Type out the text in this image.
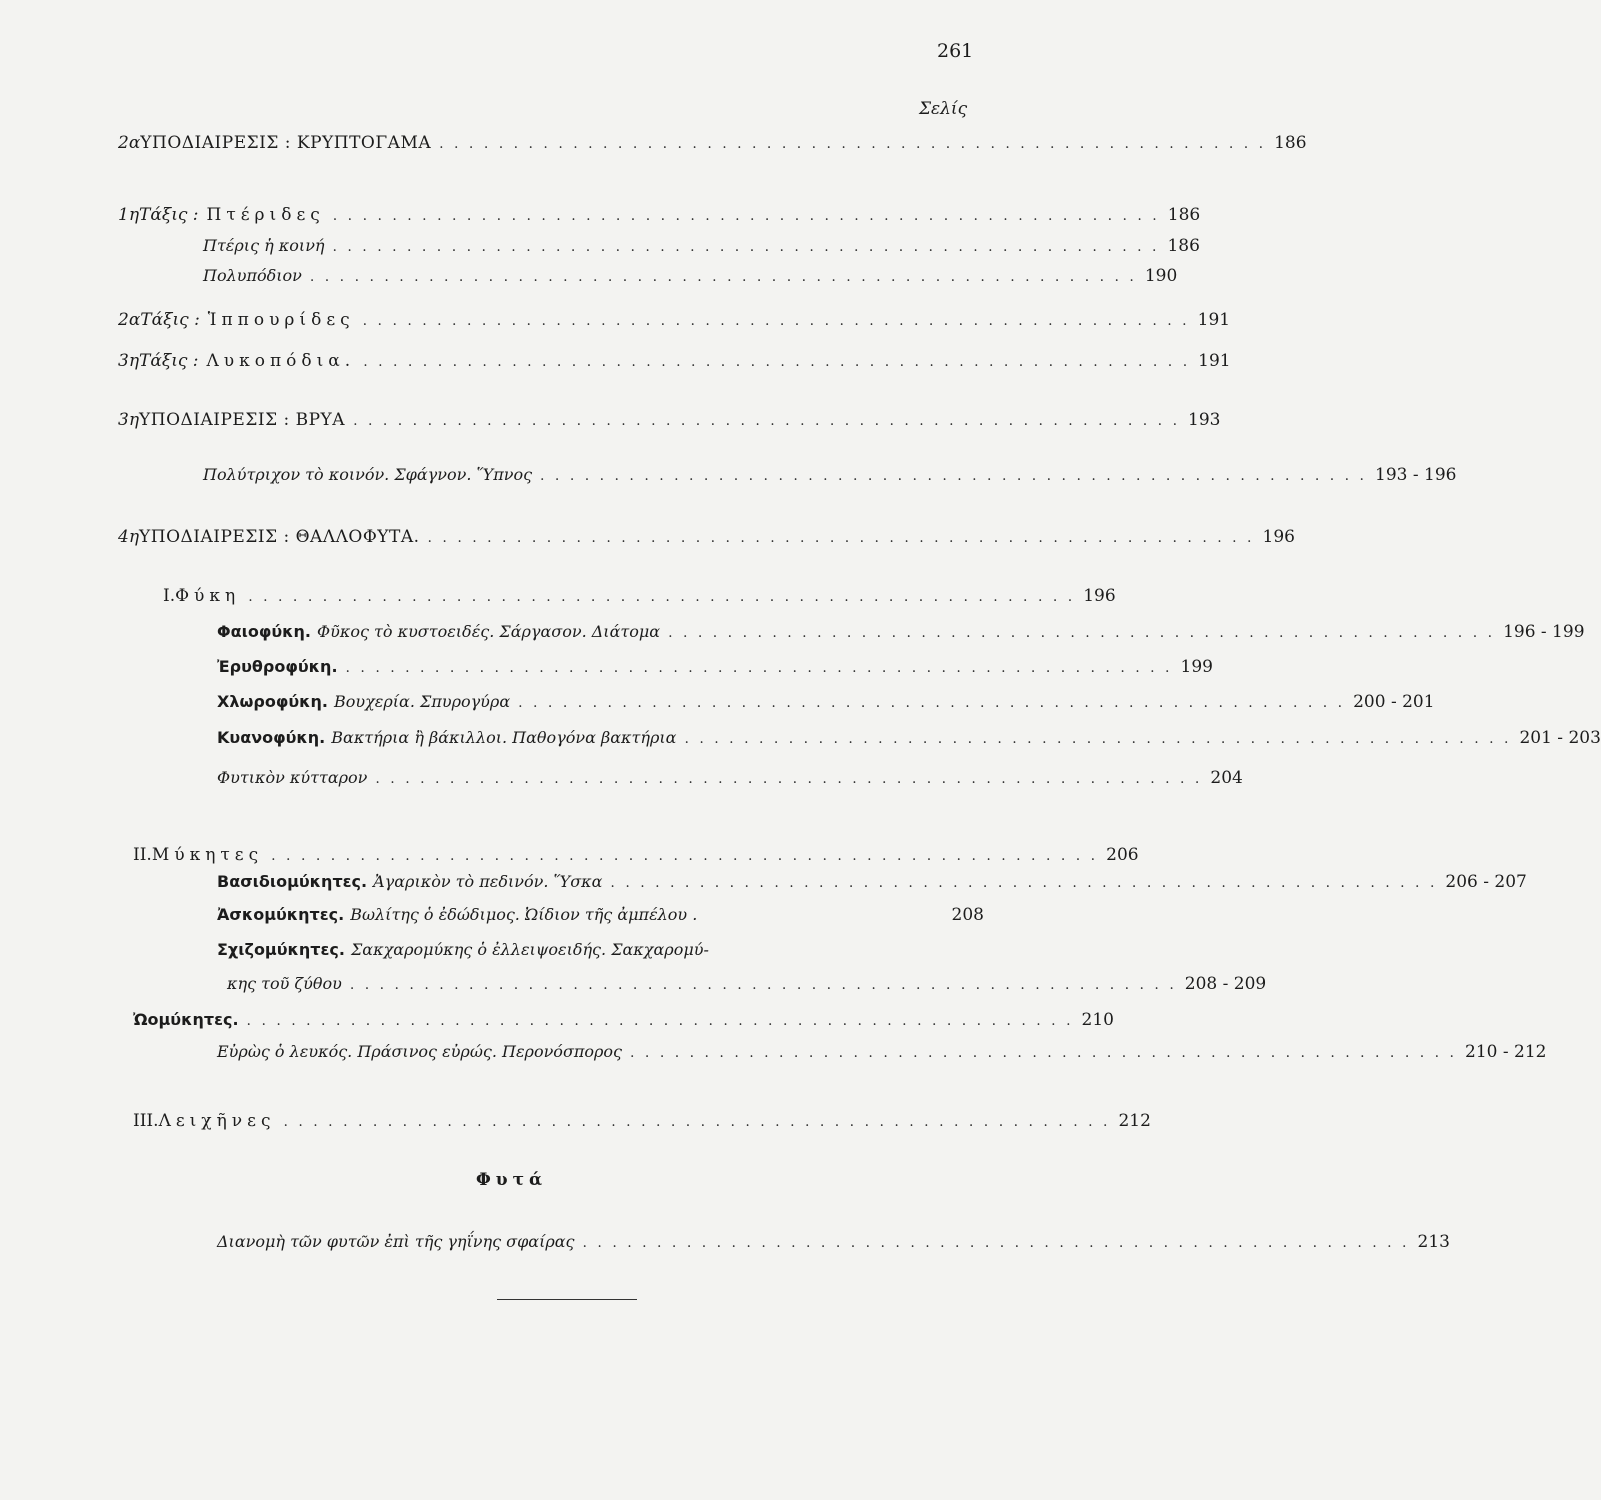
261
Σελίς
2α ΥΠΟΔΙΑΙΡΕΣΙΣ : ΚΡΥΠΤΟΓΑΜΑ . . . . . . . . . . . . . . . . . . . . . . . . . . . . . . . . . . . . . . . . . . . . . . . . . . . . . . . . 186
1η Τάξις : Πτέριδες . . . . . . . . . . . . . . . . . . . . . . . . . . . . . . . . . . . . . . . . . . . . . . . . . . . . . . . . 186
Πτέρις ἡ κοινή . . . . . . . . . . . . . . . . . . . . . . . . . . . . . . . . . . . . . . . . . . . . . . . . . . . . . . . . 186
Πολυπόδιον . . . . . . . . . . . . . . . . . . . . . . . . . . . . . . . . . . . . . . . . . . . . . . . . . . . . . . . . 190
2α Τάξις : Ἱππουρίδες . . . . . . . . . . . . . . . . . . . . . . . . . . . . . . . . . . . . . . . . . . . . . . . . . . . . . . . . 191
3η Τάξις : Λυκοπόδια. . . . . . . . . . . . . . . . . . . . . . . . . . . . . . . . . . . . . . . . . . . . . . . . . . . . . . . . . 191
3η ΥΠΟΔΙΑΙΡΕΣΙΣ : ΒΡΥΑ . . . . . . . . . . . . . . . . . . . . . . . . . . . . . . . . . . . . . . . . . . . . . . . . . . . . . . . . 193
Πολύτριχον τὸ κοινόν. Σφάγνον. Ὕπνος . . . . . . . . . . . . . . . . . . . . . . . . . . . . . . . . . . . . . . . . . . . . . . . . . . . . . . . . 193 - 196
4η ΥΠΟΔΙΑΙΡΕΣΙΣ : ΘΑΛΛΟΦΥΤΑ. . . . . . . . . . . . . . . . . . . . . . . . . . . . . . . . . . . . . . . . . . . . . . . . . . . . . . . . . 196
I. Φύκη . . . . . . . . . . . . . . . . . . . . . . . . . . . . . . . . . . . . . . . . . . . . . . . . . . . . . . . . 196
Φαιοφύκη. Φῦκος τὸ κυστοειδές. Σάργασον. Διάτομα . . . . . . . . . . . . . . . . . . . . . . . . . . . . . . . . . . . . . . . . . . . . . . . . . . . . . . . . 196 - 199
Ἐρυθροφύκη. . . . . . . . . . . . . . . . . . . . . . . . . . . . . . . . . . . . . . . . . . . . . . . . . . . . . . . . . 199
Χλωροφύκη. Βουχερία. Σπυρογύρα . . . . . . . . . . . . . . . . . . . . . . . . . . . . . . . . . . . . . . . . . . . . . . . . . . . . . . . . 200 - 201
Κυανοφύκη. Βακτήρια ἢ βάκιλλοι. Παθογόνα βακτήρια . . . . . . . . . . . . . . . . . . . . . . . . . . . . . . . . . . . . . . . . . . . . . . . . . . . . . . . . 201 - 203
Φυτικὸν κύτταρον . . . . . . . . . . . . . . . . . . . . . . . . . . . . . . . . . . . . . . . . . . . . . . . . . . . . . . . . 204
II. Μύκητες . . . . . . . . . . . . . . . . . . . . . . . . . . . . . . . . . . . . . . . . . . . . . . . . . . . . . . . . 206
Βασιδιομύκητες. Ἀγαρικὸν τὸ πεδινόν. Ὕσκα . . . . . . . . . . . . . . . . . . . . . . . . . . . . . . . . . . . . . . . . . . . . . . . . . . . . . . . . 206 - 207
Ἀσκομύκητες. Βωλίτης ὁ ἐδώδιμος. Ὠίδιον τῆς ἀμπέλου .	208
Σχιζομύκητες. Σακχαρομύκης ὁ ἐλλειψοειδής. Σακχαρομύ-
κης τοῦ ζύθου . . . . . . . . . . . . . . . . . . . . . . . . . . . . . . . . . . . . . . . . . . . . . . . . . . . . . . . . 208 - 209
Ὠομύκητες. . . . . . . . . . . . . . . . . . . . . . . . . . . . . . . . . . . . . . . . . . . . . . . . . . . . . . . . . 210
Εὐρὼς ὁ λευκός. Πράσινος εὐρώς. Περονόσπορος . . . . . . . . . . . . . . . . . . . . . . . . . . . . . . . . . . . . . . . . . . . . . . . . . . . . . . . . 210 - 212
III. Λειχῆνες . . . . . . . . . . . . . . . . . . . . . . . . . . . . . . . . . . . . . . . . . . . . . . . . . . . . . . . . 212
Φυτά
Διανομὴ τῶν φυτῶν ἐπὶ τῆς γηΐνης σφαίρας . . . . . . . . . . . . . . . . . . . . . . . . . . . . . . . . . . . . . . . . . . . . . . . . . . . . . . . . 213
